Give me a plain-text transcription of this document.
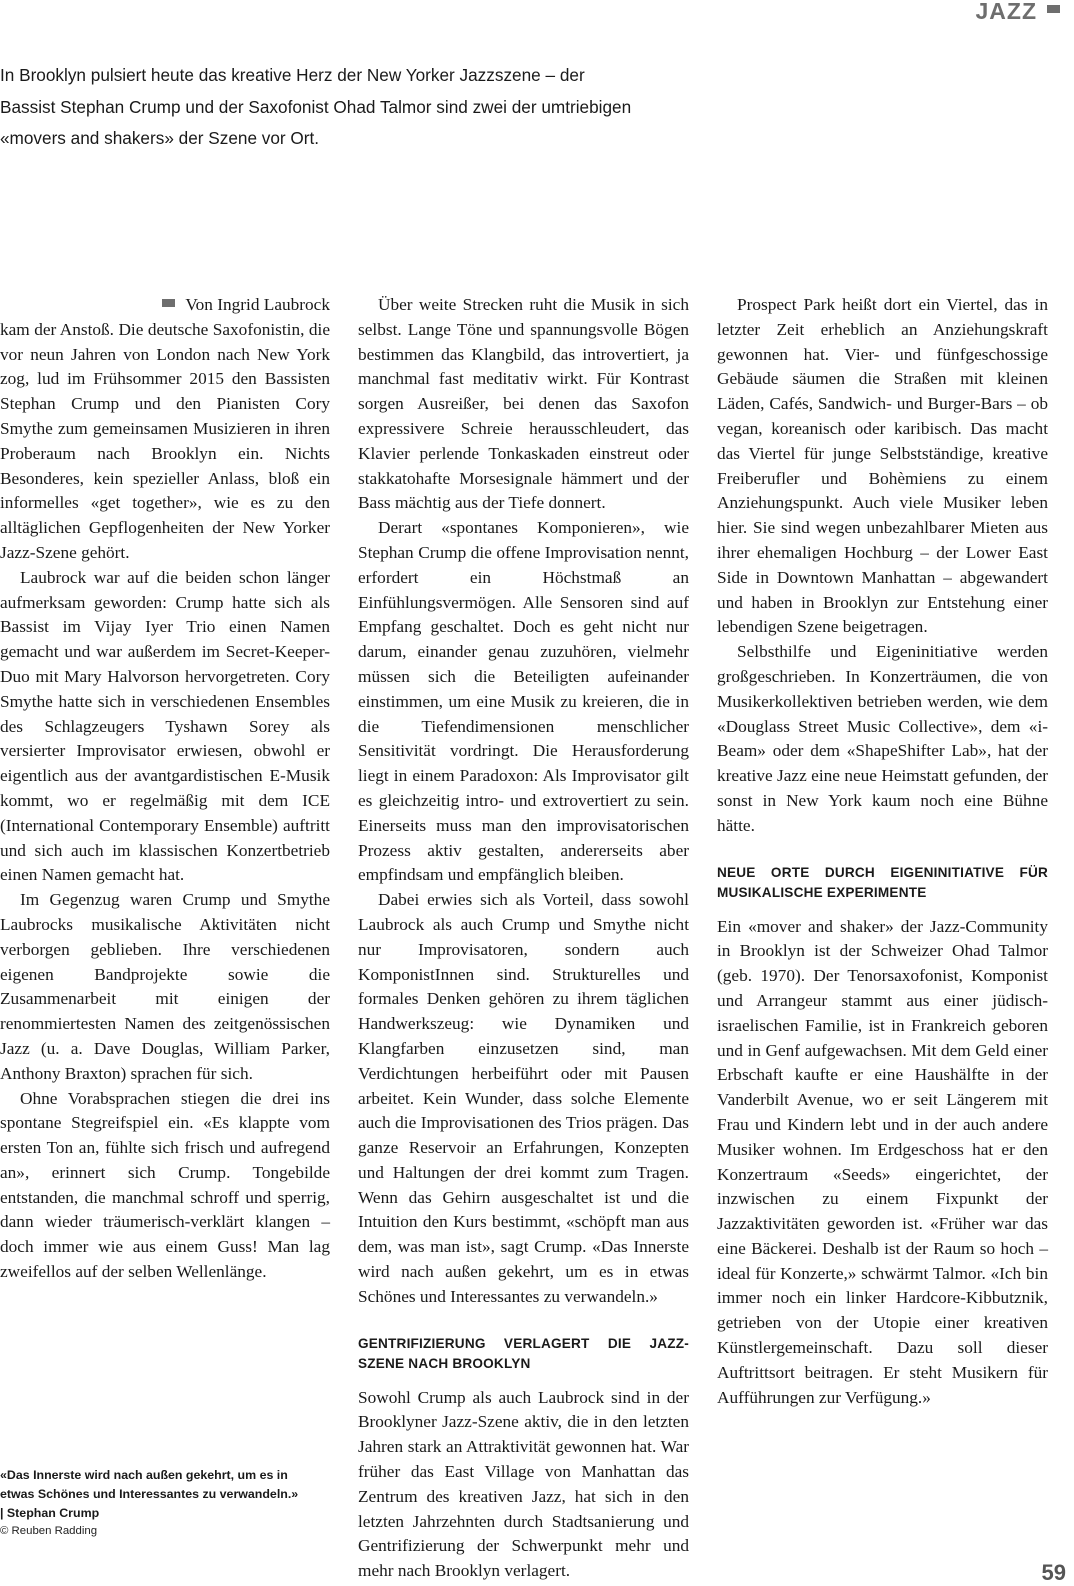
JAZZ
In Brooklyn pulsiert heute das kreative Herz der New Yorker Jazzszene – der Bassist Stephan Crump und der Saxofonist Ohad Talmor sind zwei der umtriebigen «movers and shakers» der Szene vor Ort.
Von Ingrid Laubrock

kam der Anstoß. Die deutsche Saxofonistin, die vor neun Jahren von London nach New York zog, lud im Frühsommer 2015 den Bassisten Stephan Crump und den Pianisten Cory Smythe zum gemeinsamen Musizieren in ihren Proberaum nach Brooklyn ein. Nichts Besonderes, kein spezieller Anlass, bloß ein informelles «get together», wie es zu den alltäglichen Gepflogenheiten der New Yorker Jazz-Szene gehört.

Laubrock war auf die beiden schon länger aufmerksam geworden: Crump hatte sich als Bassist im Vijay Iyer Trio einen Namen gemacht und war außerdem im Secret-Keeper-Duo mit Mary Halvorson hervorgetreten. Cory Smythe hatte sich in verschiedenen Ensembles des Schlagzeugers Tyshawn Sorey als versierter Improvisator erwiesen, obwohl er eigentlich aus der avantgardistischen E-Musik kommt, wo er regelmäßig mit dem ICE (International Contemporary Ensemble) auftritt und sich auch im klassischen Konzertbetrieb einen Namen gemacht hat.

Im Gegenzug waren Crump und Smythe Laubrocks musikalische Aktivitäten nicht verborgen geblieben. Ihre verschiedenen eigenen Bandprojekte sowie die Zusammenarbeit mit einigen der renommiertesten Namen des zeitgenössischen Jazz (u. a. Dave Douglas, William Parker, Anthony Braxton) sprachen für sich.

Ohne Vorabsprachen stiegen die drei ins spontane Stegreifspiel ein. «Es klappte vom ersten Ton an, fühlte sich frisch und aufregend an», erinnert sich Crump. Tongebilde entstanden, die manchmal schroff und sperrig, dann wieder träumerisch-verklärt klangen – doch immer wie aus einem Guss! Man lag zweifellos auf der selben Wellenlänge.

Über weite Strecken ruht die Musik in sich selbst. Lange Töne und spannungsvolle Bögen bestimmen das Klangbild, das introvertiert, ja manchmal fast meditativ wirkt. Für Kontrast sorgen Ausreißer, bei denen das Saxofon expressivere Schreie herausschleudert, das Klavier perlende Tonkaskaden einstreut oder stakkatohafte Morsesignale hämmert und der Bass mächtig aus der Tiefe donnert.

Derart «spontanes Komponieren», wie Stephan Crump die offene Improvisation nennt, erfordert ein Höchstmaß an Einfühlungsvermögen. Alle Sensoren sind auf Empfang geschaltet. Doch es geht nicht nur darum, einander genau zuzuhören, vielmehr müssen sich die Beteiligten aufeinander einstimmen, um eine Musik zu kreieren, die in die Tiefendimensionen menschlicher Sensitivität vordringt. Die Herausforderung liegt in einem Paradoxon: Als Improvisator gilt es gleichzeitig intro- und extrovertiert zu sein. Einerseits muss man den improvisatorischen Prozess aktiv gestalten, andererseits aber empfindsam und empfänglich bleiben.

Dabei erwies sich als Vorteil, dass sowohl Laubrock als auch Crump und Smythe nicht nur Improvisatoren, sondern auch KomponistInnen sind. Strukturelles und formales Denken gehören zu ihrem täglichen Handwerkszeug: wie Dynamiken und Klangfarben einzusetzen sind, man Verdichtungen herbeiführt oder mit Pausen arbeitet. Kein Wunder, dass solche Elemente auch die Improvisationen des Trios prägen. Das ganze Reservoir an Erfahrungen, Konzepten und Haltungen der drei kommt zum Tragen. Wenn das Gehirn ausgeschaltet ist und die Intuition den Kurs bestimmt, «schöpft man aus dem, was man ist», sagt Crump. «Das Innerste wird nach außen gekehrt, um es in etwas Schönes und Interessantes zu verwandeln.»

GENTRIFIZIERUNG VERLAGERT DIE JAZZ-SZENE NACH BROOKLYN

Sowohl Crump als auch Laubrock sind in der Brooklyner Jazz-Szene aktiv, die in den letzten Jahren stark an Attraktivität gewonnen hat. War früher das East Village von Manhattan das Zentrum des kreativen Jazz, hat sich in den letzten Jahrzehnten durch Stadtsanierung und Gentrifizierung der Schwerpunkt mehr und mehr nach Brooklyn verlagert.

Prospect Park heißt dort ein Viertel, das in letzter Zeit erheblich an Anziehungskraft gewonnen hat. Vier- und fünfgeschossige Gebäude säumen die Straßen mit kleinen Läden, Cafés, Sandwich- und Burger-Bars – ob vegan, koreanisch oder karibisch. Das macht das Viertel für junge Selbstständige, kreative Freiberufler und Bohèmiens zu einem Anziehungspunkt. Auch viele Musiker leben hier. Sie sind wegen unbezahlbarer Mieten aus ihrer ehemaligen Hochburg – der Lower East Side in Downtown Manhattan – abgewandert und haben in Brooklyn zur Entstehung einer lebendigen Szene beigetragen.

Selbsthilfe und Eigeninitiative werden großgeschrieben. In Konzerträumen, die von Musikerkollektiven betrieben werden, wie dem «Douglass Street Music Collective», dem «i-Beam» oder dem «ShapeShifter Lab», hat der kreative Jazz eine neue Heimstatt gefunden, der sonst in New York kaum noch eine Bühne hätte.

NEUE ORTE DURCH EIGENINITIATIVE FÜR MUSIKALISCHE EXPERIMENTE

Ein «mover and shaker» der Jazz-Community in Brooklyn ist der Schweizer Ohad Talmor (geb. 1970). Der Tenorsaxofonist, Komponist und Arrangeur stammt aus einer jüdisch-israelischen Familie, ist in Frankreich geboren und in Genf aufgewachsen. Mit dem Geld einer Erbschaft kaufte er eine Haushälfte in der Vanderbilt Avenue, wo er seit Längerem mit Frau und Kindern lebt und in der auch andere Musiker wohnen. Im Erdgeschoss hat er den Konzertraum «Seeds» eingerichtet, der inzwischen zu einem Fixpunkt der Jazzaktivitäten geworden ist. «Früher war das eine Bäckerei. Deshalb ist der Raum so hoch – ideal für Konzerte,» schwärmt Talmor. «Ich bin immer noch ein linker Hardcore-Kibbutznik, getrieben von der Utopie einer kreativen Künstlergemeinschaft. Dazu soll dieser Auftrittsort beitragen. Er steht Musikern für Aufführungen zur Verfügung.»

«Das Innerste wird nach außen gekehrt, um es in etwas Schönes und Interessantes zu verwandeln.» | Stephan Crump
© Reuben Radding
59
